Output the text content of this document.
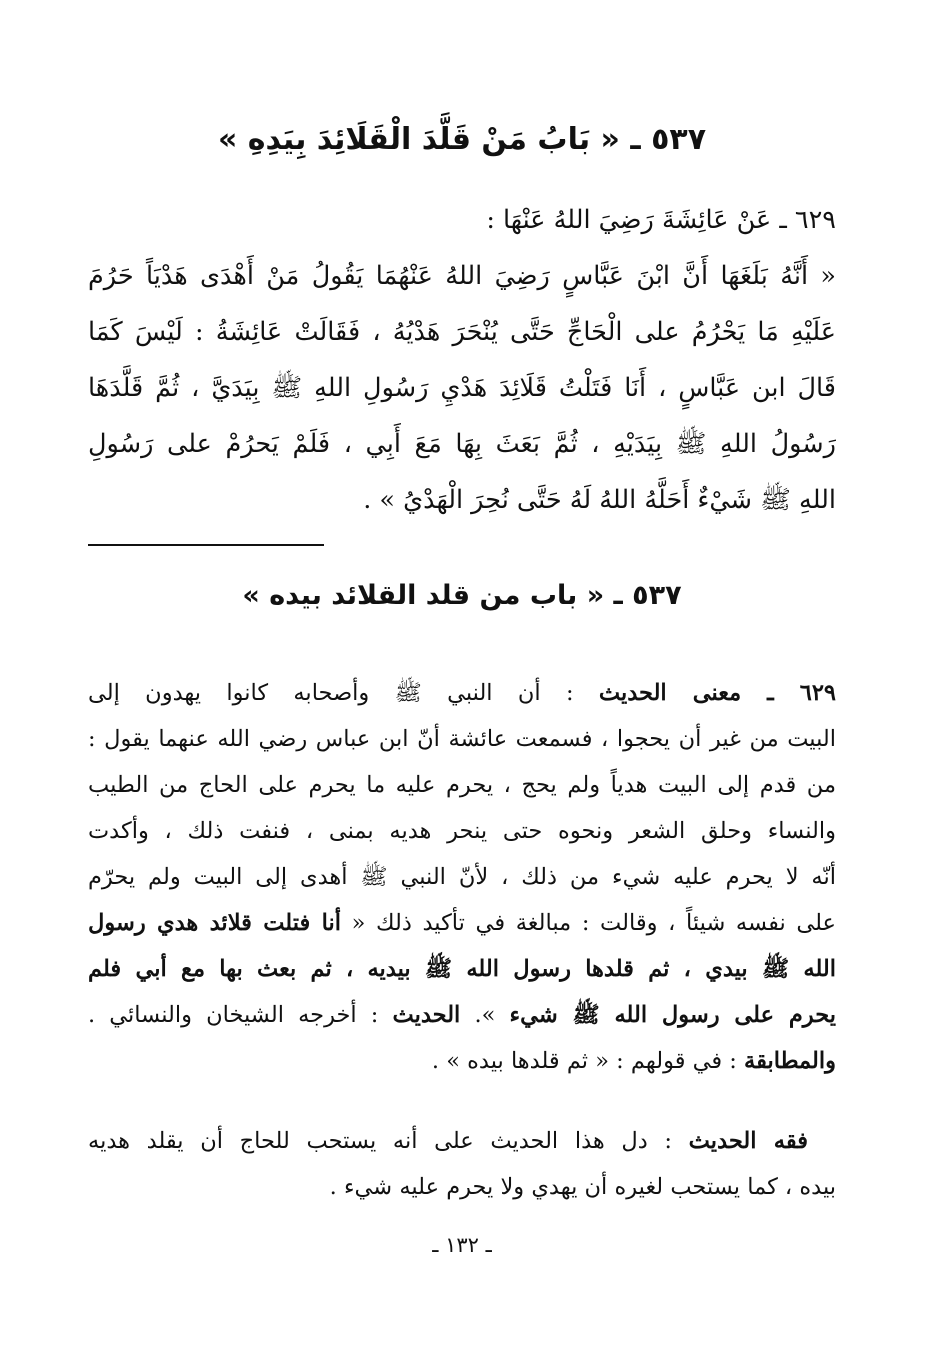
٥٣٧ ـ « بَابُ مَنْ قَلَّدَ الْقَلَائِدَ بِيَدِهِ »
٦٢٩ ـ عَنْ عَائِشَةَ رَضِيَ اللهُ عَنْهَا :
« أَنَّهُ بَلَغَهَا أَنَّ ابْنَ عَبَّاسٍ رَضِيَ اللهُ عَنْهُمَا يَقُولُ مَنْ أَهْدَى هَدْيَاً حَرُمَ
عَلَيْهِ مَا يَحْرُمُ على الْحَاجِّ حَتَّى يُنْحَرَ هَدْيُهُ ، فَقَالَتْ عَائِشَةُ : لَيْسَ كَمَا
قَالَ ابن عَبَّاسٍ ، أَنَا فَتَلْتُ قَلَائِدَ هَدْيِ رَسُولِ اللهِ ﷺ بِيَدَيَّ ، ثُمَّ قَلَّدَهَا
رَسُولُ اللهِ ﷺ بِيَدَيْهِ ، ثُمَّ بَعَثَ بِهَا مَعَ أَبِي ، فَلَمْ يَحرُمْ على رَسُولِ
اللهِ ﷺ شَيْءٌ أَحَلَّهُ اللهُ لَهُ حَتَّى نُحِرَ الْهَدْيُ » .
٥٣٧ ـ « باب من قلد القلائد بيده »
٦٢٩ ـ معنى الحديث : أن النبي ﷺ وأصحابه كانوا يهدون إلى
البيت من غير أن يحجوا ، فسمعت عائشة أنّ ابن عباس رضي الله عنهما يقول :
من قدم إلى البيت هدياً ولم يحج ، يحرم عليه ما يحرم على الحاج من الطيب
والنساء وحلق الشعر ونحوه حتى ينحر هديه بمنى ، فنفت ذلك ، وأكدت
أنّه لا يحرم عليه شيء من ذلك ، لأنّ النبي ﷺ أهدى إلى البيت ولم يحرّم
على نفسه شيئاً ، وقالت : مبالغة في تأكيد ذلك « أنا فتلت قلائد هدي رسول
الله ﷺ بيدي ، ثم قلدها رسول الله ﷺ بيديه ، ثم بعث بها مع أبي فلم
يحرم على رسول الله ﷺ شيء ». الحديث : أخرجه الشيخان والنسائي .
والمطابقة : في قولهم : « ثم قلدها بيده » .
فقه الحديث : دل هذا الحديث على أنه يستحب للحاج أن يقلد هديه
بيده ، كما يستحب لغيره أن يهدي ولا يحرم عليه شيء .
ـ ١٣٢ ـ
